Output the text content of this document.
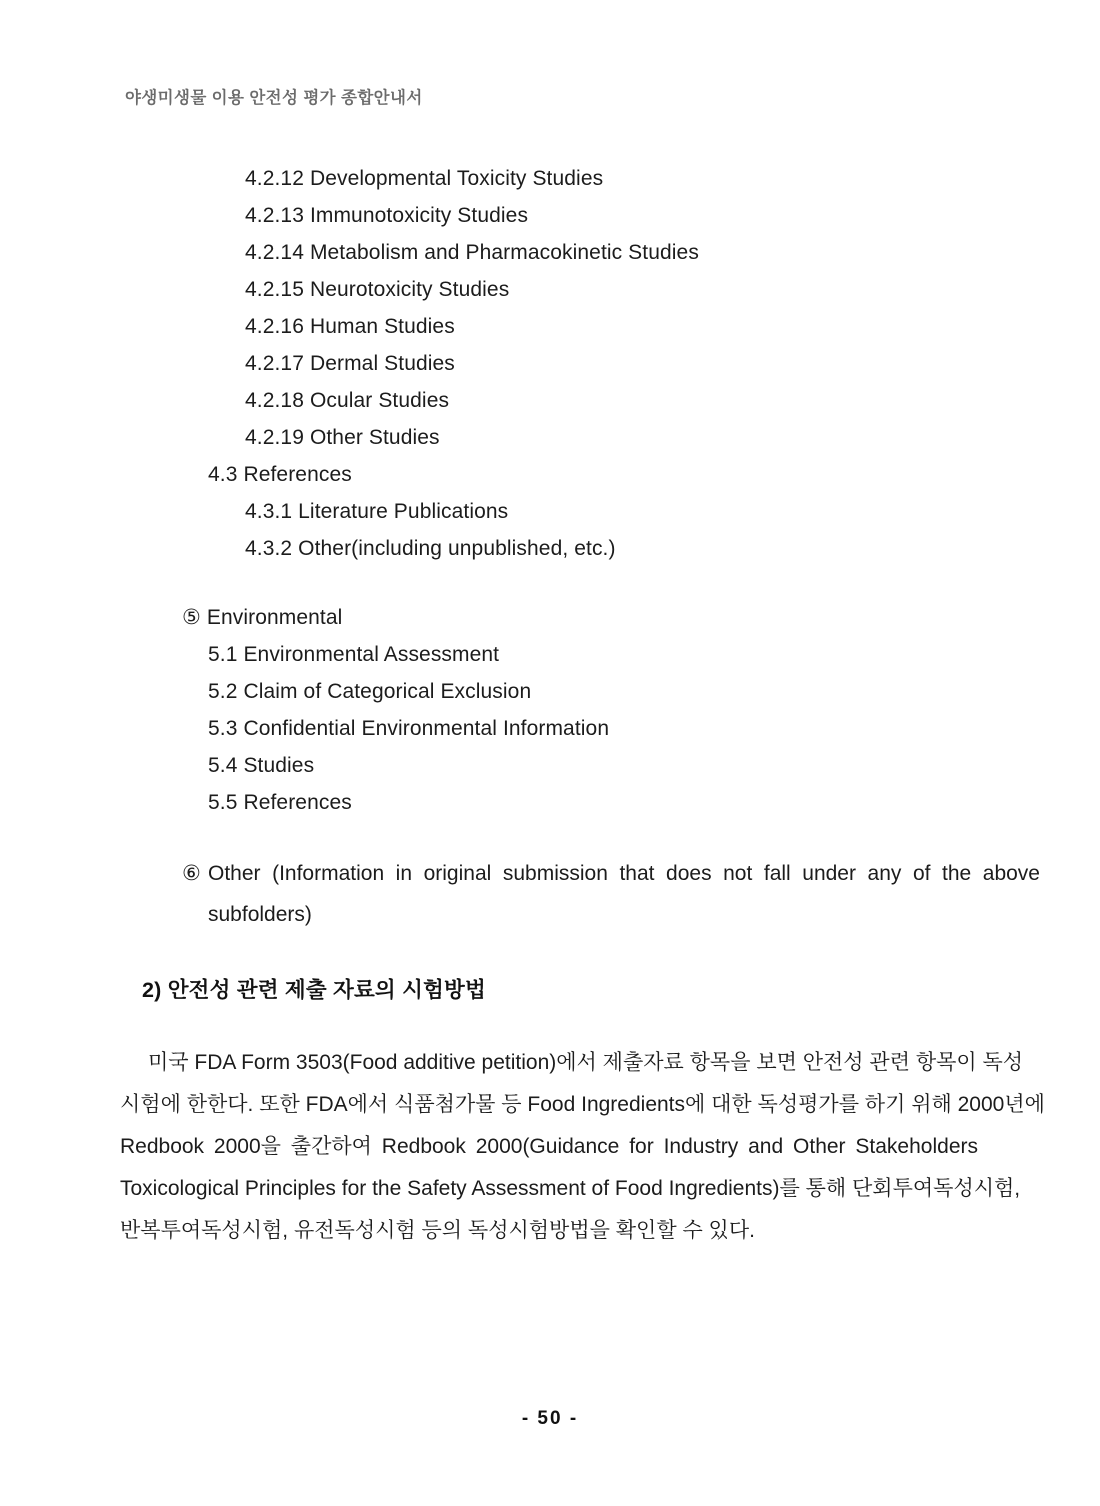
야생미생물 이용 안전성 평가 종합안내서
4.2.12 Developmental Toxicity Studies
4.2.13 Immunotoxicity Studies
4.2.14 Metabolism and Pharmacokinetic Studies
4.2.15 Neurotoxicity Studies
4.2.16 Human Studies
4.2.17 Dermal Studies
4.2.18 Ocular Studies
4.2.19 Other Studies
4.3 References
4.3.1 Literature Publications
4.3.2 Other(including unpublished, etc.)
⑤ Environmental
5.1 Environmental Assessment
5.2 Claim of Categorical Exclusion
5.3 Confidential Environmental Information
5.4 Studies
5.5 References
⑥ Other (Information in original submission that does not fall under any of the above
subfolders)
2) 안전성 관련 제출 자료의 시험방법
미국 FDA Form 3503(Food additive petition)에서 제출자료 항목을 보면 안전성 관련 항목이 독성
시험에 한한다. 또한 FDA에서 식품첨가물 등 Food Ingredients에 대한 독성평가를 하기 위해 2000년에
Redbook 2000을 출간하여 Redbook 2000(Guidance for Industry and Other Stakeholders
Toxicological Principles for the Safety Assessment of Food Ingredients)를 통해 단회투여독성시험,
반복투여독성시험, 유전독성시험 등의 독성시험방법을 확인할 수 있다.
- 50 -
